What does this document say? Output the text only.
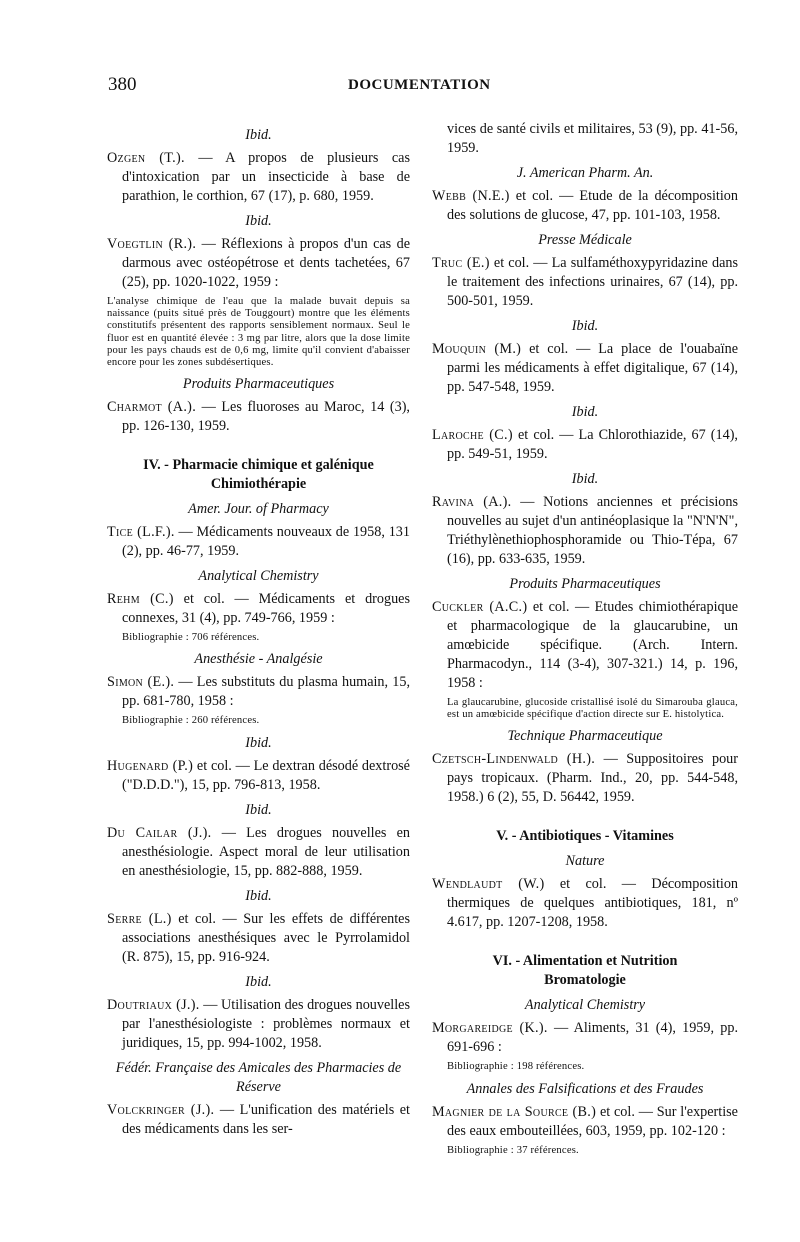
380	DOCUMENTATION
Ibid.
Ozgen (T.). — A propos de plusieurs cas d'intoxication par un insecticide à base de parathion, le corthion, 67 (17), p. 680, 1959.
Ibid.
Voegtlin (R.). — Réflexions à propos d'un cas de darmous avec ostéopétrose et dents tachetées, 67 (25), pp. 1020-1022, 1959 :
L'analyse chimique de l'eau que la malade buvait depuis sa naissance (puits situé près de Touggourt) montre que les éléments constitutifs présentent des rapports sensiblement normaux. Seul le fluor est en quantité élevée : 3 mg par litre, alors que la dose limite pour les pays chauds est de 0,6 mg, limite qu'il convient d'abaisser encore pour les zones subdésertiques.
Produits Pharmaceutiques
Charmot (A.). — Les fluoroses au Maroc, 14 (3), pp. 126-130, 1959.
IV. - Pharmacie chimique et galénique
Chimiothérapie
Amer. Jour. of Pharmacy
Tice (L.F.). — Médicaments nouveaux de 1958, 131 (2), pp. 46-77, 1959.
Analytical Chemistry
Rehm (C.) et col. — Médicaments et drogues connexes, 31 (4), pp. 749-766, 1959 :
Bibliographie : 706 références.
Anesthésie - Analgésie
Simon (E.). — Les substituts du plasma humain, 15, pp. 681-780, 1958 :
Bibliographie : 260 références.
Ibid.
Hugenard (P.) et col. — Le dextran désodé dextrosé ("D.D.D."), 15, pp. 796-813, 1958.
Ibid.
Du Cailar (J.). — Les drogues nouvelles en anesthésiologie. Aspect moral de leur utilisation en anesthésiologie, 15, pp. 882-888, 1959.
Ibid.
Serre (L.) et col. — Sur les effets de différentes associations anesthésiques avec le Pyrrolamidol (R. 875), 15, pp. 916-924.
Ibid.
Doutriaux (J.). — Utilisation des drogues nouvelles par l'anesthésiologiste : problèmes normaux et juridiques, 15, pp. 994-1002, 1958.
Fédér. Française des Amicales des Pharmacies de Réserve
Volckringer (J.). — L'unification des matériels et des médicaments dans les ser-
vices de santé civils et militaires, 53 (9), pp. 41-56, 1959.
J. American Pharm. An.
Webb (N.E.) et col. — Etude de la décomposition des solutions de glucose, 47, pp. 101-103, 1958.
Presse Médicale
Truc (E.) et col. — La sulfaméthoxypyridazine dans le traitement des infections urinaires, 67 (14), pp. 500-501, 1959.
Ibid.
Mouquin (M.) et col. — La place de l'ouabaïne parmi les médicaments à effet digitalique, 67 (14), pp. 547-548, 1959.
Ibid.
Laroche (C.) et col. — La Chlorothiazide, 67 (14), pp. 549-51, 1959.
Ibid.
Ravina (A.). — Notions anciennes et précisions nouvelles au sujet d'un antinéoplasique la "N'N'N", Triéthylènethiophosphoramide ou Thio-Tépa, 67 (16), pp. 633-635, 1959.
Produits Pharmaceutiques
Cuckler (A.C.) et col. — Etudes chimiothérapique et pharmacologique de la glaucarubine, un amœbicide spécifique. (Arch. Intern. Pharmacodyn., 114 (3-4), 307-321.) 14, p. 196, 1958 :
La glaucarubine, glucoside cristallisé isolé du Simarouba glauca, est un amœbicide spécifique d'action directe sur E. histolytica.
Technique Pharmaceutique
Czetsch-Lindenwald (H.). — Suppositoires pour pays tropicaux. (Pharm. Ind., 20, pp. 544-548, 1958.) 6 (2), 55, D. 56442, 1959.
V. - Antibiotiques - Vitamines
Nature
Wendlaudt (W.) et col. — Décomposition thermiques de quelques antibiotiques, 181, nº 4.617, pp. 1207-1208, 1958.
VI. - Alimentation et Nutrition
Bromatologie
Analytical Chemistry
Morgareidge (K.). — Aliments, 31 (4), 1959, pp. 691-696 :
Bibliographie : 198 références.
Annales des Falsifications et des Fraudes
Magnier de la Source (B.) et col. — Sur l'expertise des eaux embouteillées, 603, 1959, pp. 102-120 :
Bibliographie : 37 références.
